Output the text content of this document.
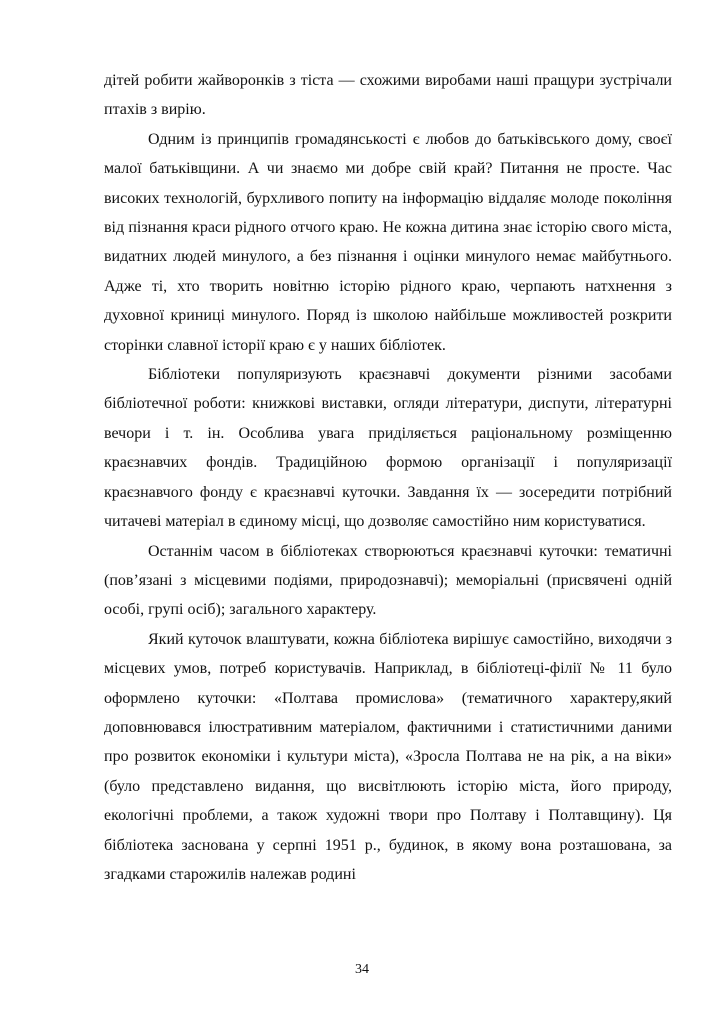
дітей робити жайворонків з тіста — схожими виробами наші пращури зустрічали птахів з вирію.

Одним із принципів громадянськості є любов до батьківського дому, своєї малої батьківщини. А чи знаємо ми добре свій край? Питання не просте. Час високих технологій, бурхливого попиту на інформацію віддаляє молоде покоління від пізнання краси рідного отчого краю. Не кожна дитина знає історію свого міста, видатних людей минулого, а без пізнання і оцінки минулого немає майбутнього. Адже ті, хто творить новітню історію рідного краю, черпають натхнення з духовної криниці минулого. Поряд із школою найбільше можливостей розкрити сторінки славної історії краю є у наших бібліотек.

Бібліотеки популяризують краєзнавчі документи різними засобами бібліотечної роботи: книжкові виставки, огляди літератури, диспути, літературні вечори і т. ін. Особлива увага приділяється раціональному розміщенню краєзнавчих фондів. Традиційною формою організації і популяризації краєзнавчого фонду є краєзнавчі куточки. Завдання їх — зосередити потрібний читачеві матеріал в єдиному місці, що дозволяє самостійно ним користуватися.

Останнім часом в бібліотеках створюються краєзнавчі куточки: тематичні (пов’язані з місцевими подіями, природознавчі); меморіальні (присвячені одній особі, групі осіб); загального характеру.

Який куточок влаштувати, кожна бібліотека вирішує самостійно, виходячи з місцевих умов, потреб користувачів. Наприклад, в бібліотеці-філії № 11 було оформлено куточки: «Полтава промислова» (тематичного характеру,який доповнювався ілюстративним матеріалом, фактичними і статистичними даними про розвиток економіки і культури міста), «Зросла Полтава не на рік, а на віки» (було представлено видання, що висвітлюють історію міста, його природу, екологічні проблеми, а також художні твори про Полтаву і Полтавщину). Ця бібліотека заснована у серпні 1951 р., будинок, в якому вона розташована, за згадками старожилів належав родині

34
